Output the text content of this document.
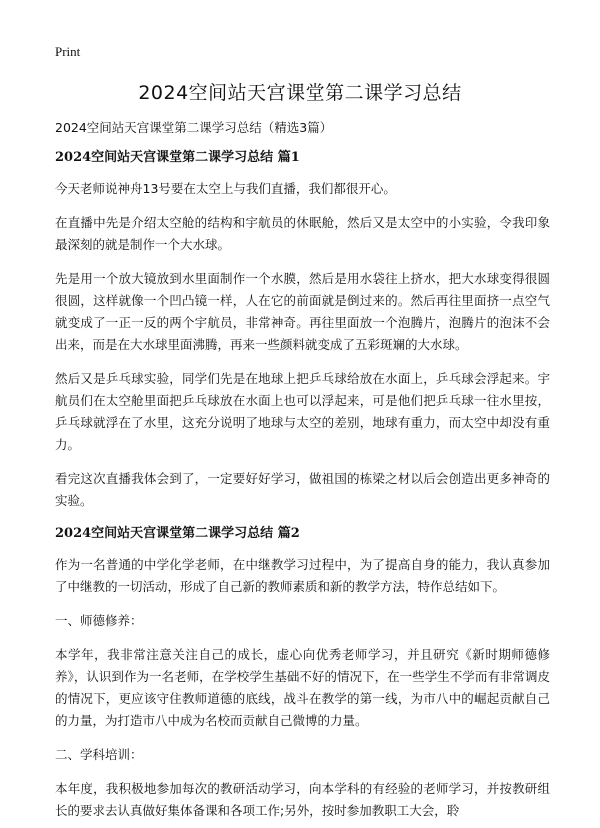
Print
2024空间站天宫课堂第二课学习总结

2024空间站天宫课堂第二课学习总结（精选3篇）

2024空间站天宫课堂第二课学习总结 篇1

今天老师说神舟13号要在太空上与我们直播，我们都很开心。

在直播中先是介绍太空舱的结构和宇航员的休眠舱，然后又是太空中的小实验，令我印象最深刻的就是制作一个大水球。

先是用一个放大镜放到水里面制作一个水膜，然后是用水袋往上挤水，把大水球变得很圆很圆，这样就像一个凹凸镜一样，人在它的前面就是倒过来的。然后再往里面挤一点空气就变成了一正一反的两个宇航员，非常神奇。再往里面放一个泡腾片，泡腾片的泡沫不会出来，而是在大水球里面沸腾，再来一些颜料就变成了五彩斑斓的大水球。

然后又是乒乓球实验，同学们先是在地球上把乒乓球给放在水面上，乒乓球会浮起来。宇航员们在太空舱里面把乒乓球放在水面上也可以浮起来，可是他们把乒乓球一往水里按，乒乓球就浮在了水里，这充分说明了地球与太空的差别，地球有重力，而太空中却没有重力。

看完这次直播我体会到了，一定要好好学习，做祖国的栋梁之材以后会创造出更多神奇的实验。

2024空间站天宫课堂第二课学习总结 篇2

作为一名普通的中学化学老师，在中继教学习过程中，为了提高自身的能力，我认真参加了中继教的一切活动，形成了自己新的教师素质和新的教学方法，特作总结如下。

一、师德修养：

本学年，我非常注意关注自己的成长，虚心向优秀老师学习，并且研究《新时期师德修养》，认识到作为一名老师，在学校学生基础不好的情况下，在一些学生不学而有非常调皮的情况下，更应该守住教师道德的底线，战斗在教学的第一线，为市八中的崛起贡献自己的力量，为打造市八中成为名校而贡献自己微博的力量。

二、学科培训：

本年度，我积极地参加每次的教研活动学习，向本学科的有经验的老师学习，并按教研组长的要求去认真做好集体备课和各项工作;另外，按时参加教职工大会，聆
